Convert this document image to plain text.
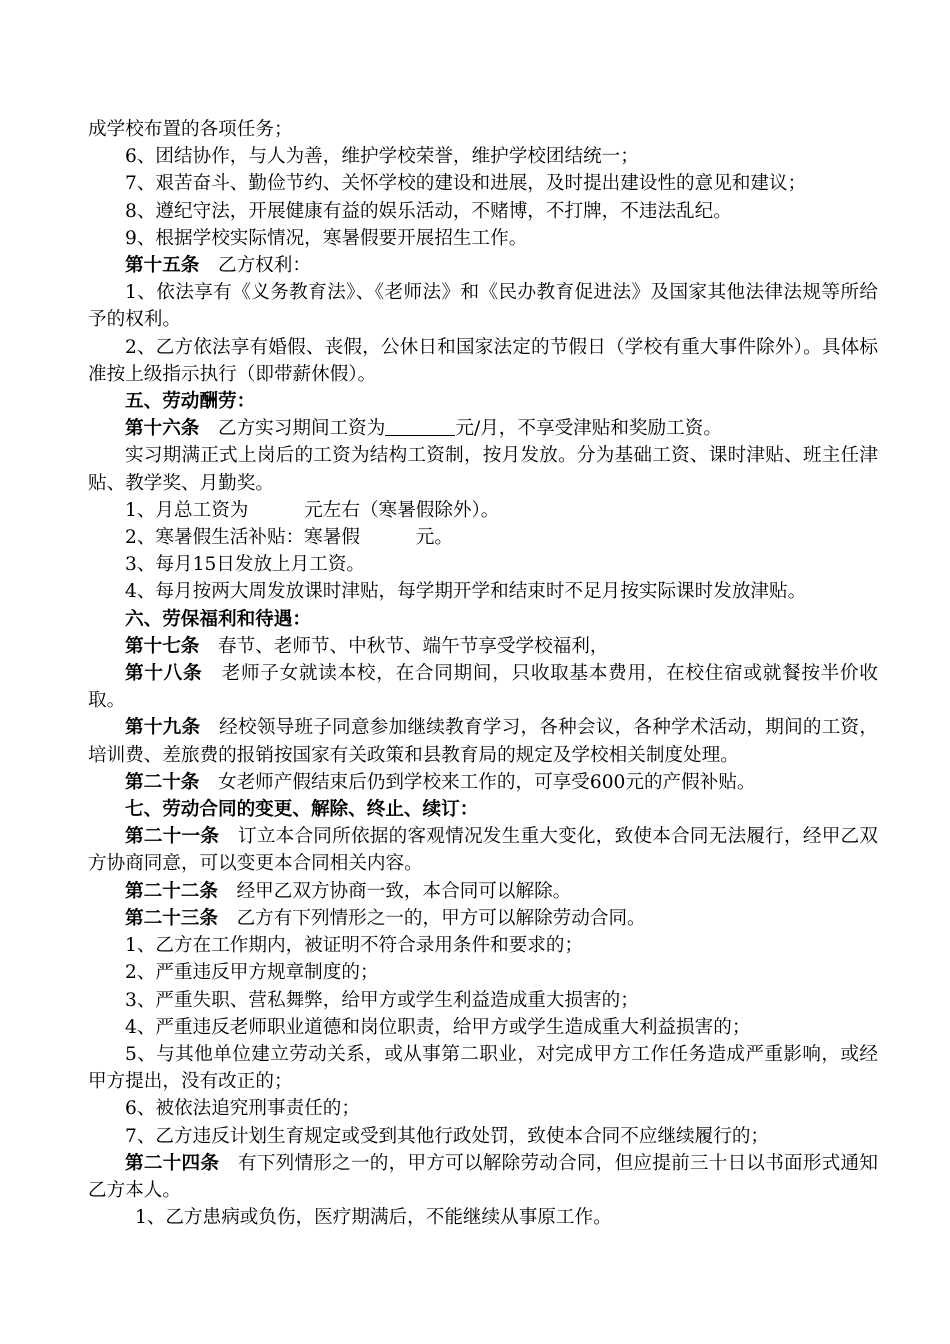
成学校布置的各项任务；
6、团结协作，与人为善，维护学校荣誉，维护学校团结统一；
7、艰苦奋斗、勤俭节约、关怀学校的建设和进展，及时提出建设性的意见和建议；
8、遵纪守法，开展健康有益的娱乐活动，不赌博，不打牌，不违法乱纪。
9、根据学校实际情况，寒暑假要开展招生工作。
第十五条　乙方权利：
1、依法享有《义务教育法》、《老师法》和《民办教育促进法》及国家其他法律法规等所给予的权利。
2、乙方依法享有婚假、丧假，公休日和国家法定的节假日（学校有重大事件除外）。具体标准按上级指示执行（即带薪休假）。
五、劳动酬劳：
第十六条　乙方实习期间工资为	元/月，不享受津贴和奖励工资。
实习期满正式上岗后的工资为结构工资制，按月发放。分为基础工资、课时津贴、班主任津贴、教学奖、月勤奖。
1、月总工资为　　　元左右（寒暑假除外）。
2、寒暑假生活补贴：寒暑假　　　元。
3、每月15日发放上月工资。
4、每月按两大周发放课时津贴，每学期开学和结束时不足月按实际课时发放津贴。
六、劳保福利和待遇：
第十七条　春节、老师节、中秋节、端午节享受学校福利，
第十八条　老师子女就读本校，在合同期间，只收取基本费用，在校住宿或就餐按半价收取。
第十九条　经校领导班子同意参加继续教育学习，各种会议，各种学术活动，期间的工资，培训费、差旅费的报销按国家有关政策和县教育局的规定及学校相关制度处理。
第二十条　女老师产假结束后仍到学校来工作的，可享受600元的产假补贴。
七、劳动合同的变更、解除、终止、续订：
第二十一条　订立本合同所依据的客观情况发生重大变化，致使本合同无法履行，经甲乙双方协商同意，可以变更本合同相关内容。
第二十二条　经甲乙双方协商一致，本合同可以解除。
第二十三条　乙方有下列情形之一的，甲方可以解除劳动合同。
1、乙方在工作期内，被证明不符合录用条件和要求的；
2、严重违反甲方规章制度的；
3、严重失职、营私舞弊，给甲方或学生利益造成重大损害的；
4、严重违反老师职业道德和岗位职责，给甲方或学生造成重大利益损害的；
5、与其他单位建立劳动关系，或从事第二职业，对完成甲方工作任务造成严重影响，或经甲方提出，没有改正的；
6、被依法追究刑事责任的；
7、乙方违反计划生育规定或受到其他行政处罚，致使本合同不应继续履行的；
第二十四条　有下列情形之一的，甲方可以解除劳动合同，但应提前三十日以书面形式通知乙方本人。
1、乙方患病或负伤，医疗期满后，不能继续从事原工作。
